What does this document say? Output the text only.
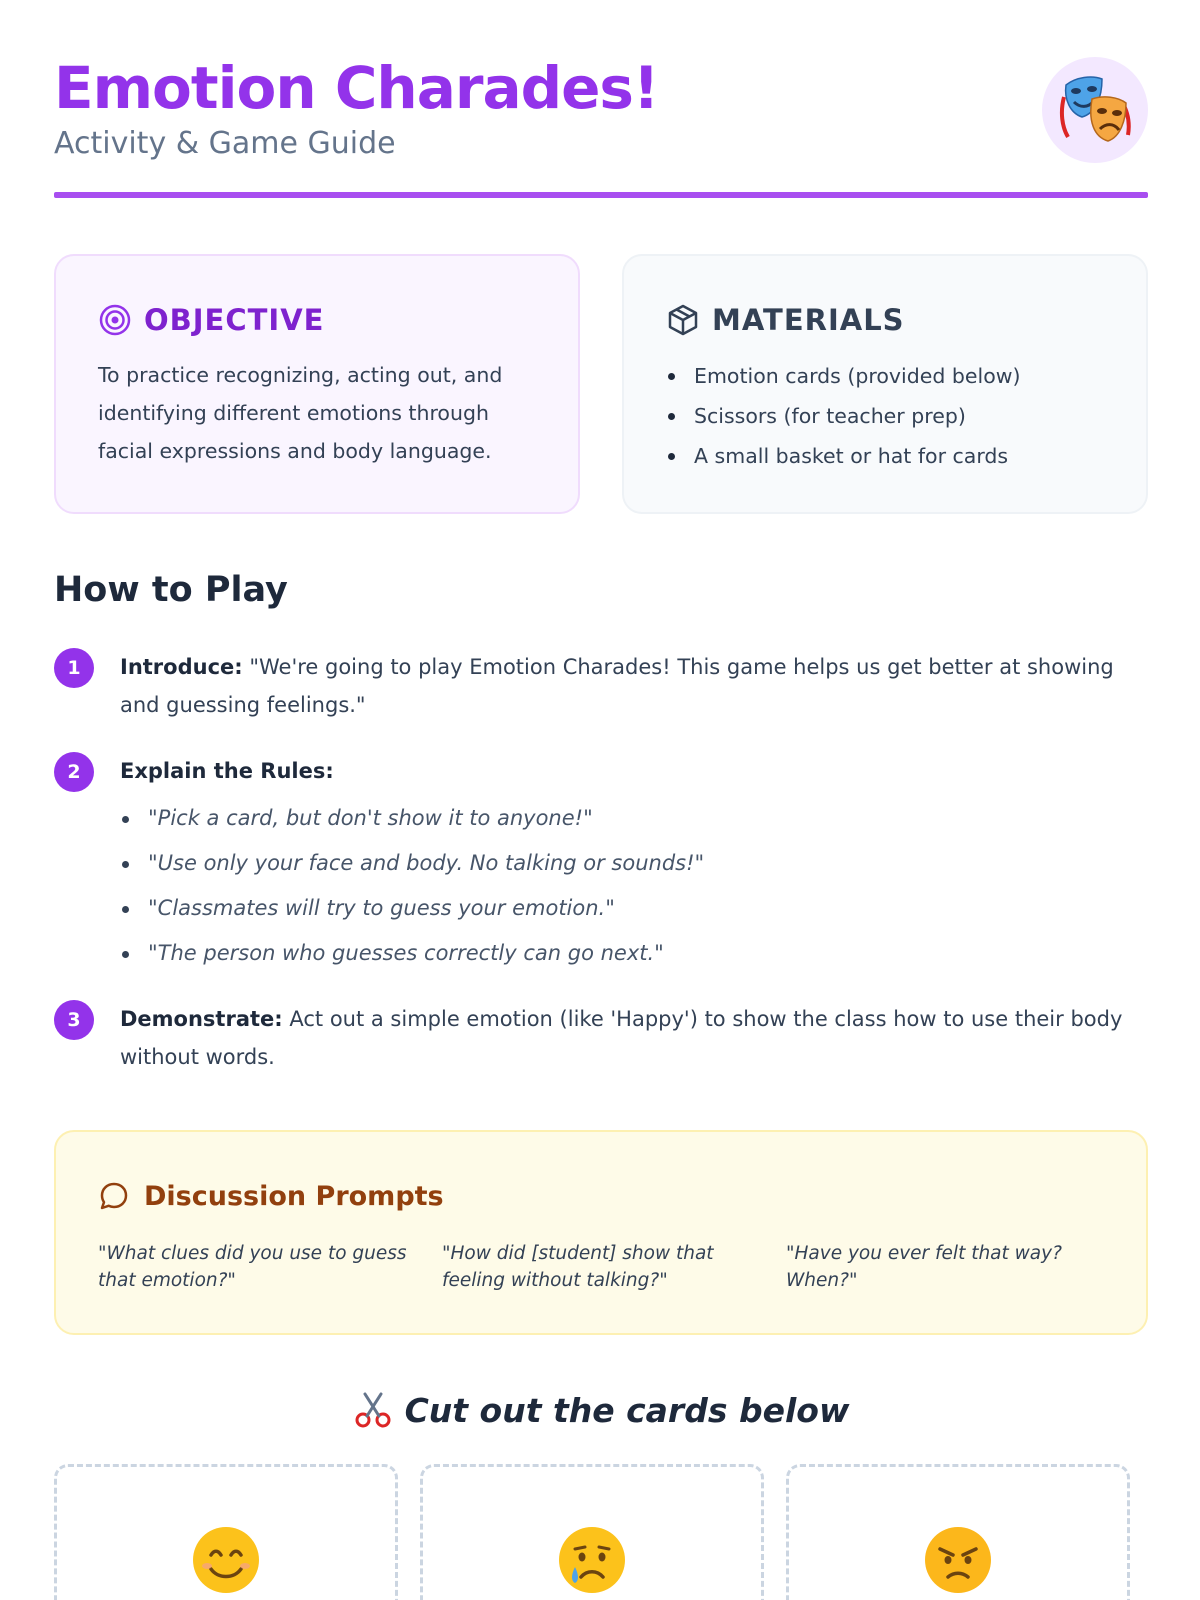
Emotion Charades!
Activity & Game Guide
OBJECTIVE

To practice recognizing, acting out, and identifying different emotions through facial expressions and body language.

MATERIALS
Emotion cards (provided below)
Scissors (for teacher prep)
A small basket or hat for cards
How to Play
1	Introduce: "We're going to play Emotion Charades! This game helps us get better at showing and guessing feelings."
2	Explain the Rules:
"Pick a card, but don't show it to anyone!"
"Use only your face and body. No talking or sounds!"
"Classmates will try to guess your emotion."
"The person who guesses correctly can go next."
3	Demonstrate: Act out a simple emotion (like 'Happy') to show the class how to use their body without words.
Discussion Prompts

"What clues did you use to guess that emotion?"

"How did [student] show that feeling without talking?"

"Have you ever felt that way? When?"

Cut out the cards below
